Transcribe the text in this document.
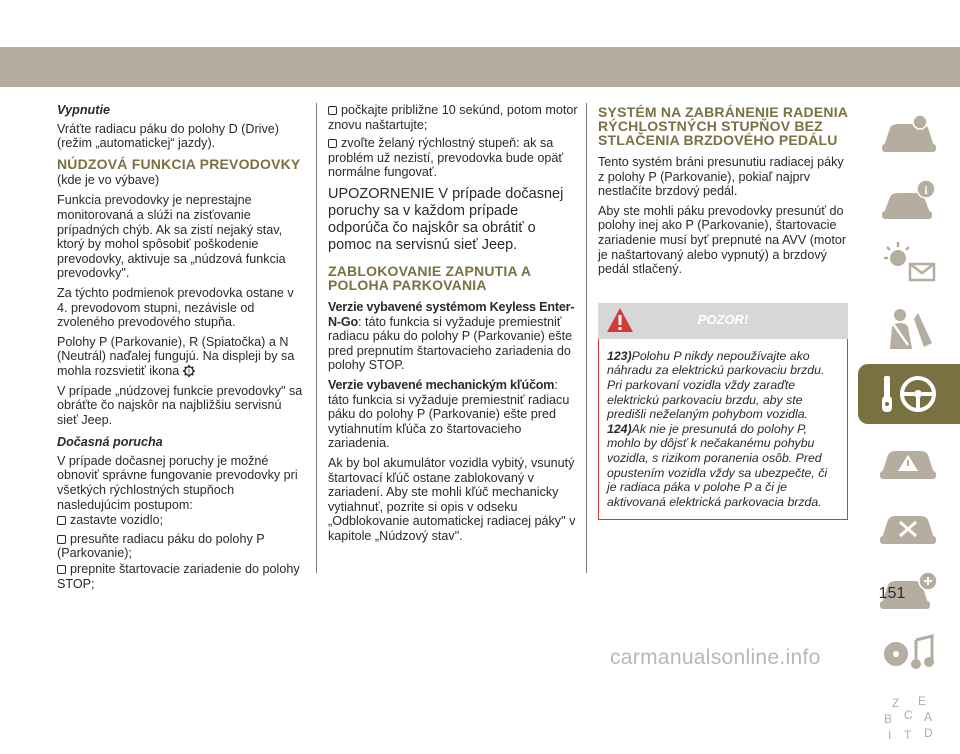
Vypnutie

Vráťte radiacu páku do polohy D (Drive) (režim „automatickej“ jazdy).

NÚDZOVÁ FUNKCIA PREVODOVKY

(kde je vo výbave)

Funkcia prevodovky je neprestajne monitorovaná a slúži na zisťovanie prípadných chýb. Ak sa zistí nejaký stav, ktorý by mohol spôsobiť poškodenie prevodovky, aktivuje sa „núdzová funkcia prevodovky".

Za týchto podmienok prevodovka ostane v 4. prevodovom stupni, nezávisle od zvoleného prevodového stupňa.

Polohy P (Parkovanie), R (Spiatočka) a N (Neutrál) naďalej fungujú. Na displeji by sa mohla rozsvietiť ikona !

V prípade „núdzovej funkcie prevodovky" sa obráťte čo najskôr na najbližšiu servisnú sieť Jeep.

Dočasná porucha

V prípade dočasnej poruchy je možné obnoviť správne fungovanie prevodovky pri všetkých rýchlostných stupňoch nasledujúcim postupom:

zastavte vozidlo;

presuňte radiacu páku do polohy P (Parkovanie);

prepnite štartovacie zariadenie do polohy STOP;

počkajte približne 10 sekúnd, potom motor znovu naštartujte;

zvoľte želaný rýchlostný stupeň: ak sa problém už nezistí, prevodovka bude opäť normálne fungovať.

UPOZORNENIE V prípade dočasnej poruchy sa v každom prípade odporúča čo najskôr sa obrátiť o pomoc na servisnú sieť Jeep.

ZABLOKOVANIE ZAPNUTIA A POLOHA PARKOVANIA

Verzie vybavené systémom Keyless Enter-N-Go: táto funkcia si vyžaduje premiestniť radiacu páku do polohy P (Parkovanie) ešte pred prepnutím štartovacieho zariadenia do polohy STOP.

Verzie vybavené mechanickým kľúčom: táto funkcia si vyžaduje premiestniť radiacu páku do polohy P (Parkovanie) ešte pred vytiahnutím kľúča zo štartovacieho zariadenia.

Ak by bol akumulátor vozidla vybitý, vsunutý štartovací kľúč ostane zablokovaný v zariadení. Aby ste mohli kľúč mechanicky vytiahnuť, pozrite si opis v odseku „Odblokovanie automatickej radiacej páky" v kapitole „Núdzový stav".

SYSTÉM NA ZABRÁNENIE RADENIA RÝCHLOSTNÝCH STUPŇOV BEZ STLAČENIA BRZDOVÉHO PEDÁLU

Tento systém bráni presunutiu radiacej páky z polohy P (Parkovanie), pokiaľ najprv nestlačíte brzdový pedál.

Aby ste mohli páku prevodovky presunúť do polohy inej ako P (Parkovanie), štartovacie zariadenie musí byť prepnuté na AVV (motor je naštartovaný alebo vypnutý) a brzdový pedál stlačený.

POZOR!
123)Polohu P nikdy nepoužívajte ako náhradu za elektrickú parkovaciu brzdu. Pri parkovaní vozidla vždy zaraďte elektrickú parkovaciu brzdu, aby ste predišli neželaným pohybom vozidla.
124)Ak nie je presunutá do polohy P, mohlo by dôjsť k nečakanému pohybu vozidla, s rizikom poranenia osôb. Pred opustením vozidla vždy sa ubezpečte, či je radiaca páka v polohe P a či je aktivovaná elektrická parkovacia brzda.
i
Z E
B C A
I T D
151
carmanualsonline.info
